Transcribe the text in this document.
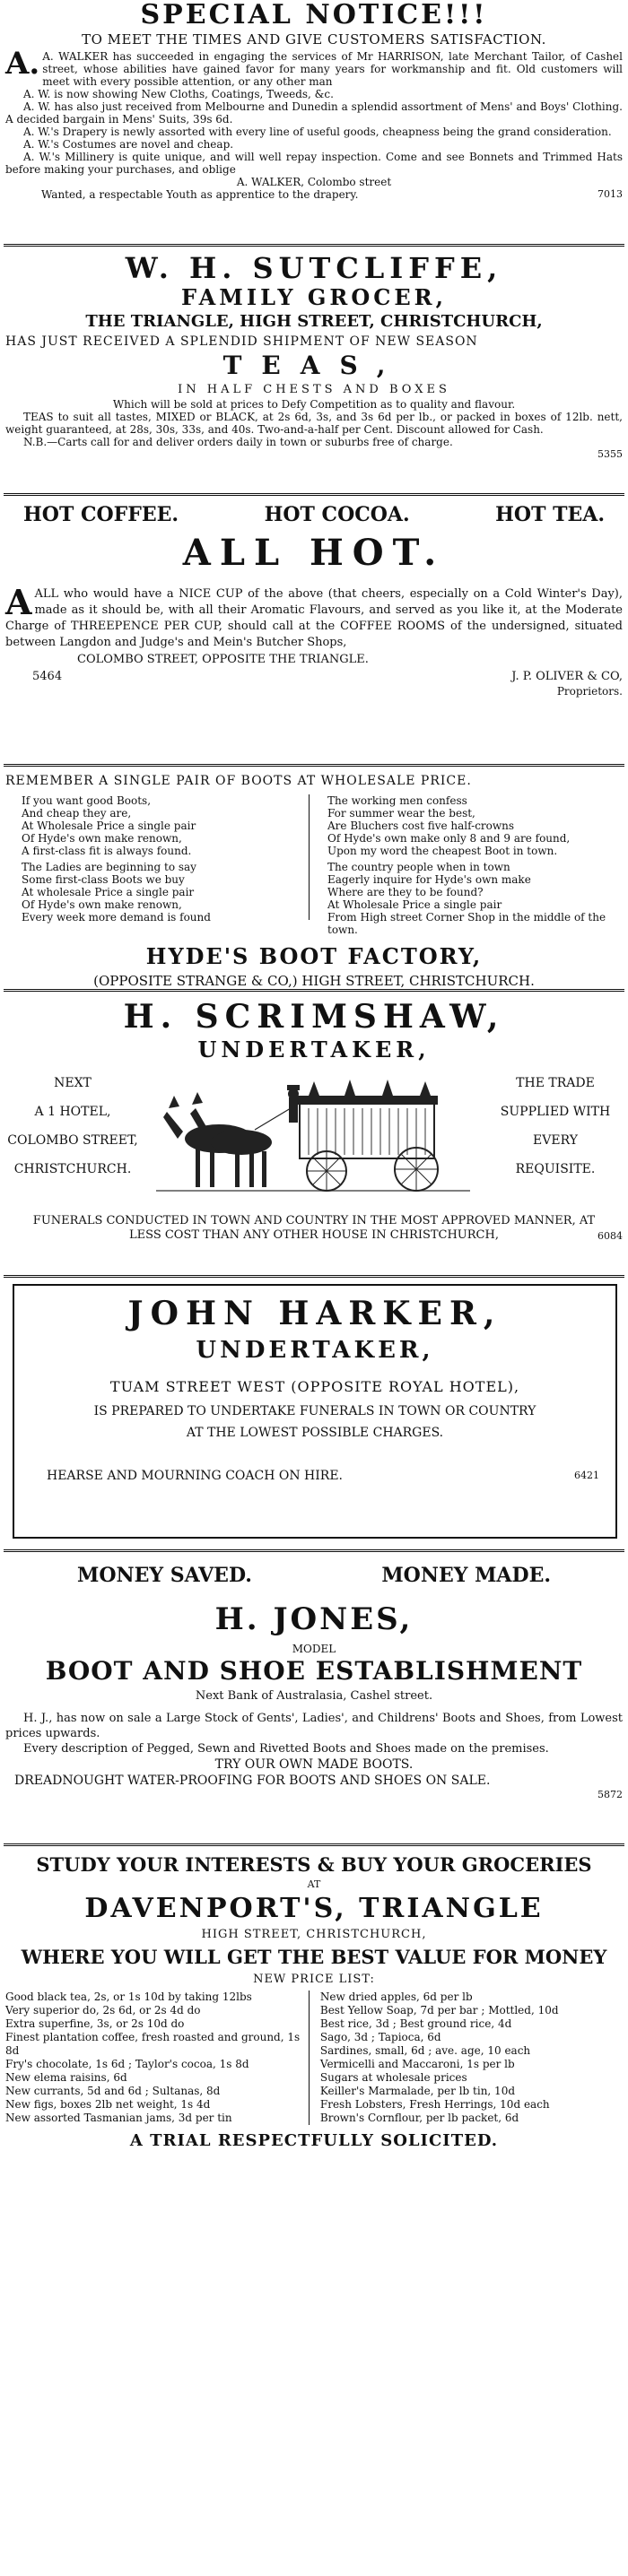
SPECIAL NOTICE!!!
TO MEET THE TIMES AND GIVE CUSTOMERS SATISFACTION.
A. A. WALKER has succeeded in engaging the services of Mr HARRISON, late Merchant Tailor, of Cashel street, whose abilities have gained favor for many years for workmanship and fit. Old customers will meet with every possible attention, or any other man
A. W. is now showing New Cloths, Coatings, Tweeds, &c.
A. W. has also just received from Melbourne and Dunedin a splendid assortment of Mens' and Boys' Clothing. A decided bargain in Mens' Suits, 39s 6d.
A. W.'s Drapery is newly assorted with every line of useful goods, cheapness being the grand consideration.
A. W.'s Costumes are novel and cheap.
A. W.'s Millinery is quite unique, and will well repay inspection. Come and see Bonnets and Trimmed Hats before making your purchases, and oblige
A. WALKER, Colombo street
Wanted, a respectable Youth as apprentice to the drapery.	7013
W. H. SUTCLIFFE,
FAMILY GROCER,
THE TRIANGLE, HIGH STREET, CHRISTCHURCH,
HAS JUST RECEIVED A SPLENDID SHIPMENT OF NEW SEASON
TEAS,
IN HALF CHESTS AND BOXES
Which will be sold at prices to Defy Competition as to quality and flavour.
TEAS to suit all tastes, MIXED or BLACK, at 2s 6d, 3s, and 3s 6d per lb., or packed in boxes of 12lb. nett, weight guaranteed, at 28s, 30s, 33s, and 40s. Two-and-a-half per Cent. Discount allowed for Cash.
N.B.—Carts call for and deliver orders daily in town or suburbs free of charge.
5355
HOT COFFEE.	HOT COCOA.	HOT TEA.
ALL HOT.
AALL who would have a NICE CUP of the above (that cheers, especially on a Cold Winter's Day), made as it should be, with all their Aromatic Flavours, and served as you like it, at the Moderate Charge of THREEPENCE PER CUP, should call at the COFFEE ROOMS of the undersigned, situated between Langdon and Judge's and Mein's Butcher Shops,
COLOMBO STREET, OPPOSITE THE TRIANGLE.
5464	J. P. OLIVER & CO,
Proprietors.
REMEMBER A SINGLE PAIR OF BOOTS AT WHOLESALE PRICE.
If you want good Boots,
And cheap they are,
At Wholesale Price a single pair
Of Hyde's own make renown,
A first-class fit is always found.
The Ladies are beginning to say
Some first-class Boots we buy
At wholesale Price a single pair
Of Hyde's own make renown,
Every week more demand is found
The working men confess
For summer wear the best,
Are Bluchers cost five half-crowns
Of Hyde's own make only 8 and 9 are found,
Upon my word the cheapest Boot in town.
The country people when in town
Eagerly inquire for Hyde's own make
Where are they to be found?
At Wholesale Price a single pair
From High street Corner Shop in the middle of the town.
HYDE'S BOOT FACTORY,
(OPPOSITE STRANGE & CO,) HIGH STREET, CHRISTCHURCH.
H. SCRIMSHAW,
UNDERTAKER,
NEXT
A 1 HOTEL,
COLOMBO STREET,
CHRISTCHURCH.
THE TRADE
SUPPLIED WITH
EVERY
REQUISITE.
FUNERALS CONDUCTED IN TOWN AND COUNTRY IN THE MOST APPROVED MANNER, AT LESS COST THAN ANY OTHER HOUSE IN CHRISTCHURCH,	6084
JOHN HARKER,
UNDERTAKER,
TUAM STREET WEST (OPPOSITE ROYAL HOTEL),
IS PREPARED TO UNDERTAKE FUNERALS IN TOWN OR COUNTRY
AT THE LOWEST POSSIBLE CHARGES.
HEARSE AND MOURNING COACH ON HIRE.	6421
MONEY SAVED.	MONEY MADE.
H. JONES,
MODEL
BOOT AND SHOE ESTABLISHMENT
Next Bank of Australasia, Cashel street.
H. J., has now on sale a Large Stock of Gents', Ladies', and Childrens' Boots and Shoes, from Lowest prices upwards.
Every description of Pegged, Sewn and Rivetted Boots and Shoes made on the premises.
TRY OUR OWN MADE BOOTS.
DREADNOUGHT WATER-PROOFING FOR BOOTS AND SHOES ON SALE.
5872
STUDY YOUR INTERESTS & BUY YOUR GROCERIES
AT
DAVENPORT'S, TRIANGLE
HIGH STREET, CHRISTCHURCH,
WHERE YOU WILL GET THE BEST VALUE FOR MONEY
NEW PRICE LIST:
Good black tea, 2s, or 1s 10d by taking 12lbs
Very superior do, 2s 6d, or 2s 4d do
Extra superfine, 3s, or 2s 10d do
Finest plantation coffee, fresh roasted and ground, 1s 8d
Fry's chocolate, 1s 6d ; Taylor's cocoa, 1s 8d
New elema raisins, 6d
New currants, 5d and 6d ; Sultanas, 8d
New figs, boxes 2lb net weight, 1s 4d
New assorted Tasmanian jams, 3d per tin
New dried apples, 6d per lb
Best Yellow Soap, 7d per bar ; Mottled, 10d
Best rice, 3d ; Best ground rice, 4d
Sago, 3d ; Tapioca, 6d
Sardines, small, 6d ; ave. age, 10 each
Vermicelli and Maccaroni, 1s per lb
Sugars at wholesale prices
Keiller's Marmalade, per lb tin, 10d
Fresh Lobsters, Fresh Herrings, 10d each
Brown's Cornflour, per lb packet, 6d
A TRIAL RESPECTFULLY SOLICITED.
